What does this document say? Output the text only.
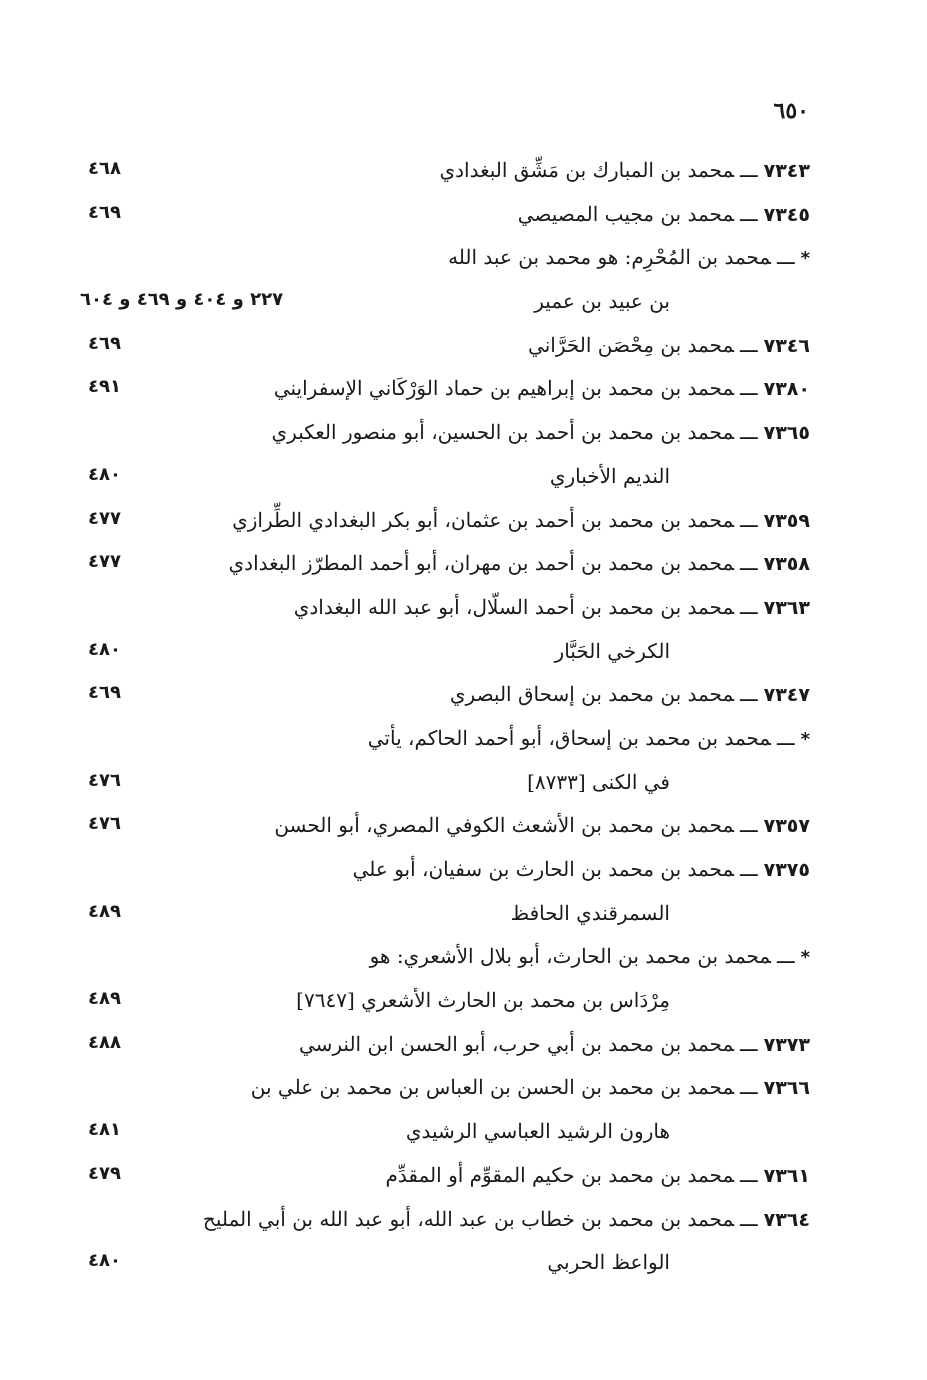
٦٥٠
٧٣٤٣ـــمحمد بن المبارك بن مَشِّق البغدادي
٤٦٨
٧٣٤٥ـــمحمد بن مجيب المصيصي
٤٦٩
*ـــمحمد بن المُحْرِم: هو محمد بن عبد الله
بن عبيد بن عمير
٢٢٧ و ٤٠٤ و ٤٦٩ و ٦٠٤
٧٣٤٦ـــمحمد بن مِحْصَن الحَرَّاني
٤٦٩
٧٣٨٠ـــمحمد بن محمد بن إبراهيم بن حماد الوَرْكَاني الإسفرايني
٤٩١
٧٣٦٥ـــمحمد بن محمد بن أحمد بن الحسين، أبو منصور العكبري
النديم الأخباري
٤٨٠
٧٣٥٩ـــمحمد بن محمد بن أحمد بن عثمان، أبو بكر البغدادي الطِّرازي
٤٧٧
٧٣٥٨ـــمحمد بن محمد بن أحمد بن مهران، أبو أحمد المطرّز البغدادي
٤٧٧
٧٣٦٣ـــمحمد بن محمد بن أحمد السلّال، أبو عبد الله البغدادي
الكرخي الحَبَّار
٤٨٠
٧٣٤٧ـــمحمد بن محمد بن إسحاق البصري
٤٦٩
*ـــمحمد بن محمد بن إسحاق، أبو أحمد الحاكم، يأتي
في الكنى [٨٧٣٣]
٤٧٦
٧٣٥٧ـــمحمد بن محمد بن الأشعث الكوفي المصري، أبو الحسن
٤٧٦
٧٣٧٥ـــمحمد بن محمد بن الحارث بن سفيان، أبو علي
السمرقندي الحافظ
٤٨٩
*ـــمحمد بن محمد بن الحارث، أبو بلال الأشعري: هو
مِرْدَاس بن محمد بن الحارث الأشعري [٧٦٤٧]
٤٨٩
٧٣٧٣ـــمحمد بن محمد بن أبي حرب، أبو الحسن ابن النرسي
٤٨٨
٧٣٦٦ـــمحمد بن محمد بن الحسن بن العباس بن محمد بن علي بن
هارون الرشيد العباسي الرشيدي
٤٨١
٧٣٦١ـــمحمد بن محمد بن حكيم المقوِّم أو المقدِّم
٤٧٩
٧٣٦٤ـــمحمد بن محمد بن خطاب بن عبد الله، أبو عبد الله بن أبي المليح
الواعظ الحربي
٤٨٠
